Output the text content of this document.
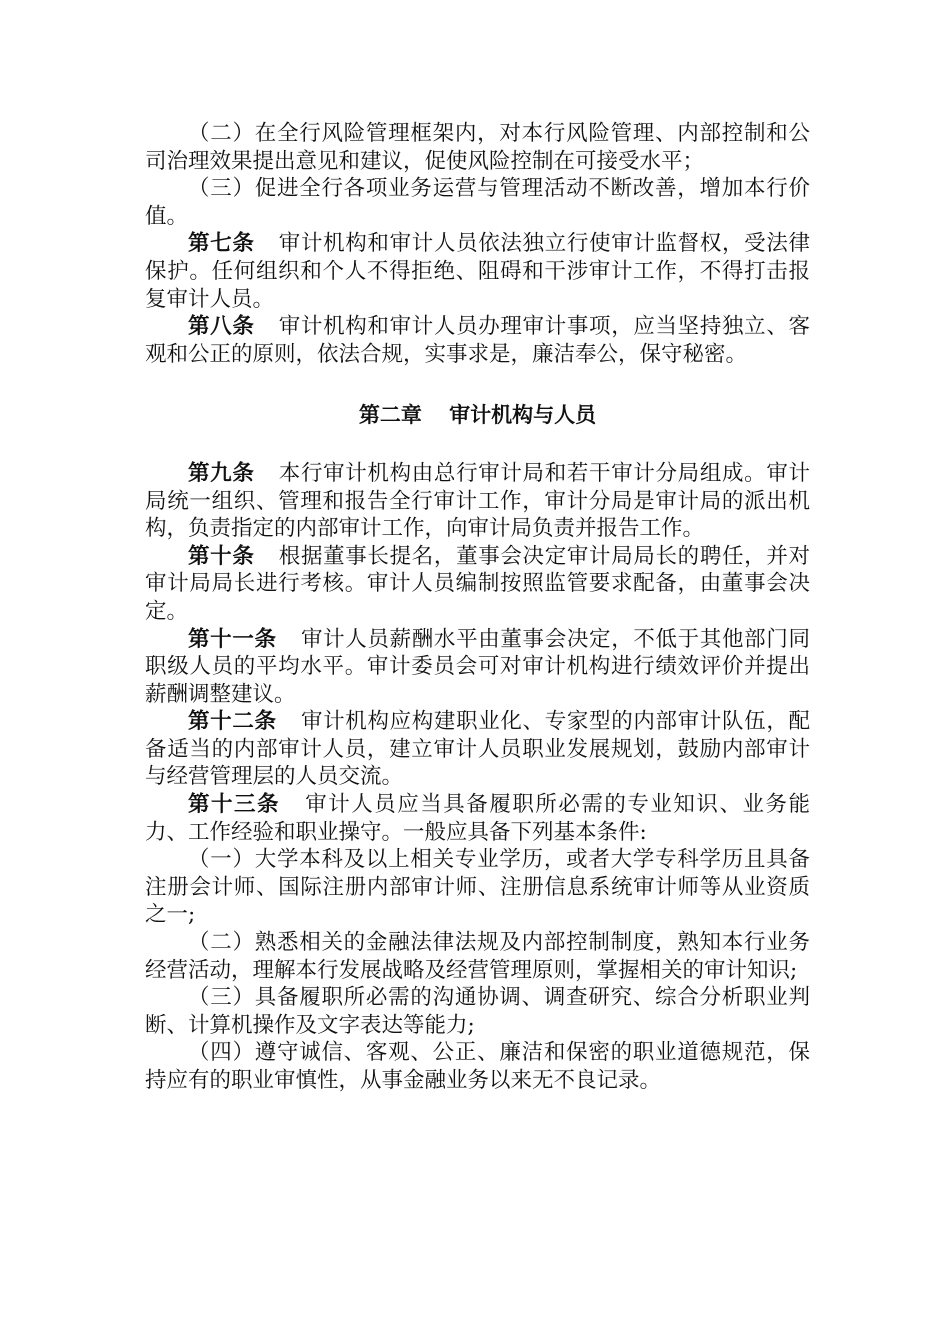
（二）在全行风险管理框架内，对本行风险管理、内部控制和公司治理效果提出意见和建议，促使风险控制在可接受水平；

（三）促进全行各项业务运营与管理活动不断改善，增加本行价值。

第七条 审计机构和审计人员依法独立行使审计监督权，受法律保护。任何组织和个人不得拒绝、阻碍和干涉审计工作，不得打击报复审计人员。

第八条 审计机构和审计人员办理审计事项，应当坚持独立、客观和公正的原则，依法合规，实事求是，廉洁奉公，保守秘密。

第二章 审计机构与人员

第九条 本行审计机构由总行审计局和若干审计分局组成。审计局统一组织、管理和报告全行审计工作，审计分局是审计局的派出机构，负责指定的内部审计工作，向审计局负责并报告工作。

第十条 根据董事长提名，董事会决定审计局局长的聘任，并对审计局局长进行考核。审计人员编制按照监管要求配备，由董事会决定。

第十一条 审计人员薪酬水平由董事会决定，不低于其他部门同职级人员的平均水平。审计委员会可对审计机构进行绩效评价并提出薪酬调整建议。

第十二条 审计机构应构建职业化、专家型的内部审计队伍，配备适当的内部审计人员，建立审计人员职业发展规划，鼓励内部审计与经营管理层的人员交流。

第十三条 审计人员应当具备履职所必需的专业知识、业务能力、工作经验和职业操守。一般应具备下列基本条件:

（一）大学本科及以上相关专业学历，或者大学专科学历且具备注册会计师、国际注册内部审计师、注册信息系统审计师等从业资质之一;

（二）熟悉相关的金融法律法规及内部控制制度，熟知本行业务经营活动，理解本行发展战略及经营管理原则，掌握相关的审计知识;

（三）具备履职所必需的沟通协调、调查研究、综合分析职业判断、计算机操作及文字表达等能力;

（四）遵守诚信、客观、公正、廉洁和保密的职业道德规范，保持应有的职业审慎性，从事金融业务以来无不良记录。
